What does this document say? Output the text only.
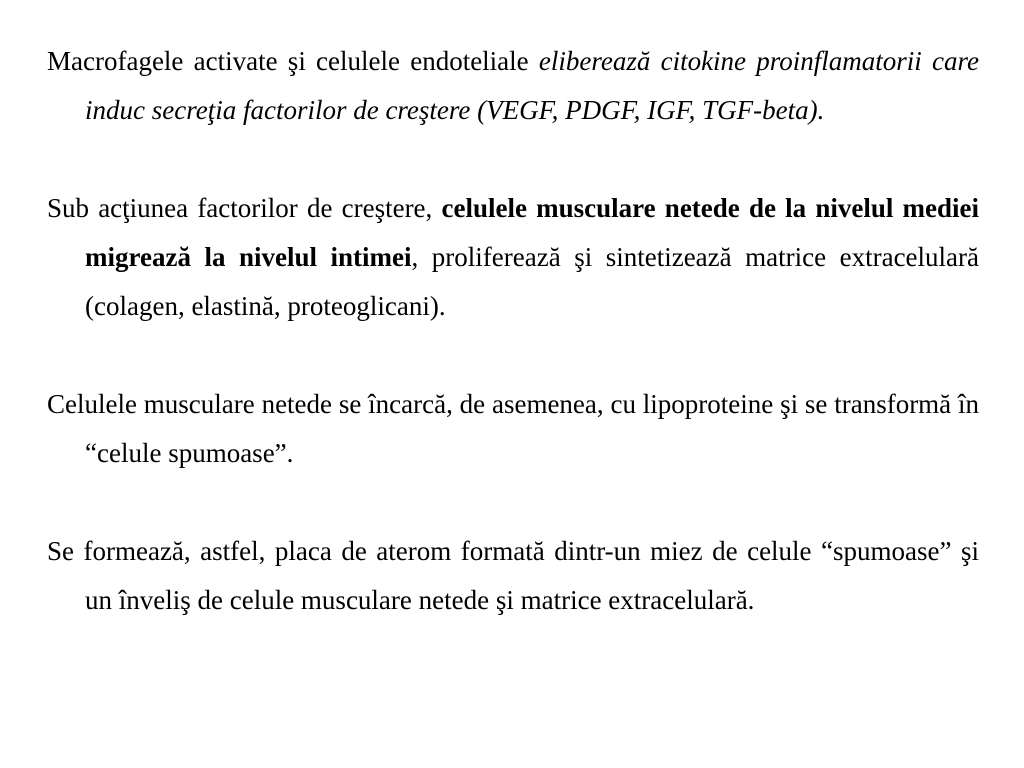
Macrofagele activate şi celulele endoteliale eliberează citokine proinflamatorii care induc secreţia factorilor de creştere (VEGF, PDGF, IGF, TGF-beta).

Sub acţiunea factorilor de creştere, celulele musculare netede de la nivelul mediei migrează la nivelul intimei, proliferează şi sintetizează matrice extracelulară (colagen, elastină, proteoglicani).

Celulele musculare netede se încarcă, de asemenea, cu lipoproteine şi se transformă în “celule spumoase”.

Se formează, astfel, placa de aterom formată dintr-un miez de celule “spumoase” şi un înveliş de celule musculare netede şi matrice extracelulară.
